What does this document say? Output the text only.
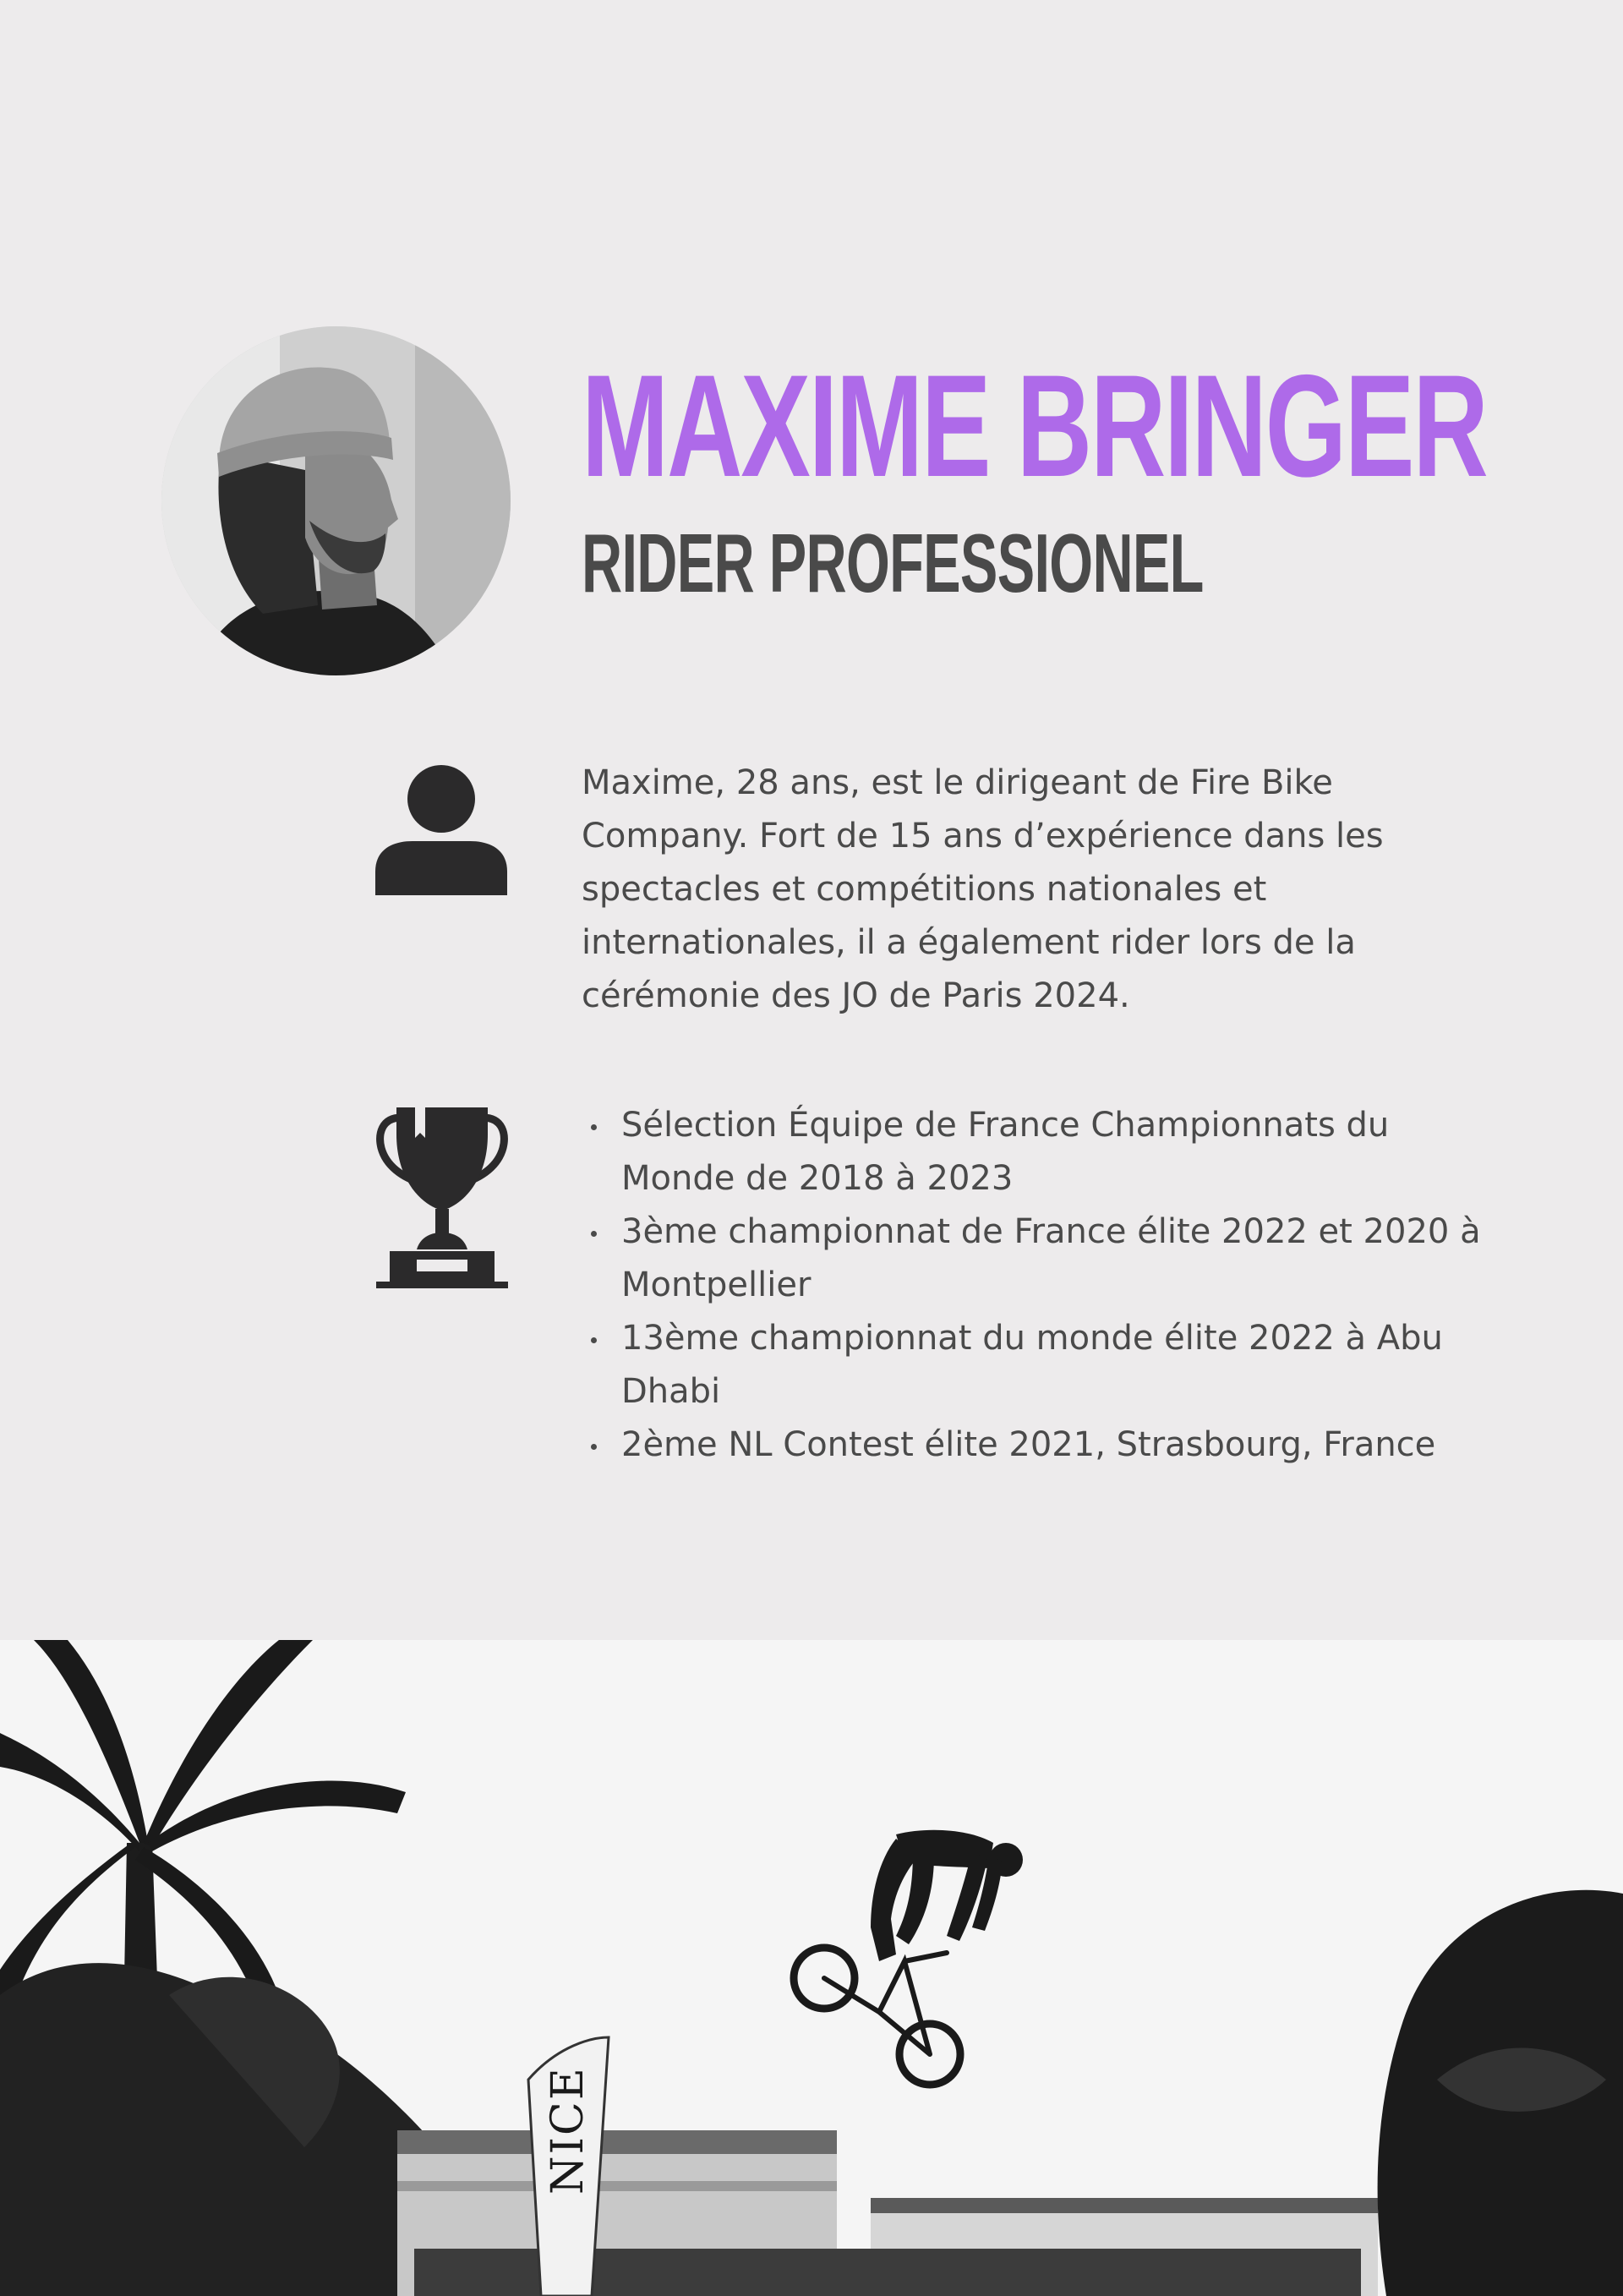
MAXIME BRINGER
RIDER PROFESSIONEL

Maxime, 28 ans, est le dirigeant de Fire Bike Company. Fort de 15 ans d’expérience dans les spectacles et compétitions nationales et internationales, il a également rider lors de la cérémonie des JO de Paris 2024.

Sélection Équipe de France Championnats du Monde de 2018 à 2023
3ème championnat de France élite 2022 et 2020 à Montpellier
13ème championnat du monde élite 2022 à Abu Dhabi
2ème NL Contest élite 2021, Strasbourg, France
NICE
